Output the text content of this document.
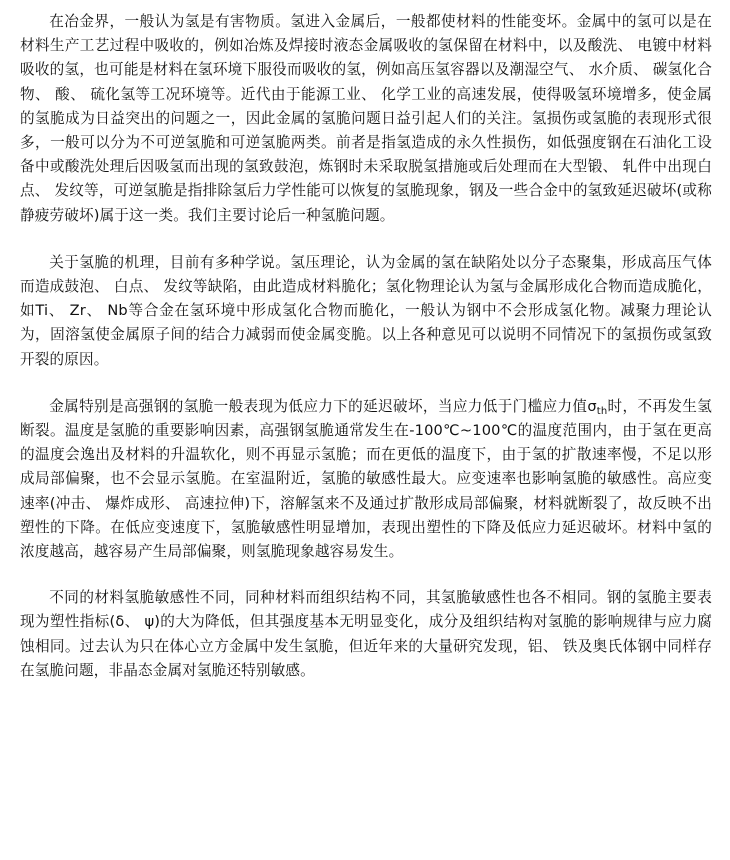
在冶金界，一般认为氢是有害物质。氢进入金属后，一般都使材料的性能变坏。金属中的氢可以是在材料生产工艺过程中吸收的，例如冶炼及焊接时液态金属吸收的氢保留在材料中，以及酸洗、 电镀中材料吸收的氢，也可能是材料在氢环境下服役而吸收的氢，例如高压氢容器以及潮湿空气、 水介质、 碳氢化合物、 酸、 硫化氢等工况环境等。近代由于能源工业、 化学工业的高速发展，使得吸氢环境增多，使金属的氢脆成为日益突出的问题之一，因此金属的氢脆问题日益引起人们的关注。氢损伤或氢脆的表现形式很多，一般可以分为不可逆氢脆和可逆氢脆两类。前者是指氢造成的永久性损伤，如低强度钢在石油化工设备中或酸洗处理后因吸氢而出现的氢致鼓泡，炼钢时未采取脱氢措施或后处理而在大型锻、 轧件中出现白点、 发纹等，可逆氢脆是指排除氢后力学性能可以恢复的氢脆现象，钢及一些合金中的氢致延迟破坏(或称静疲劳破坏)属于这一类。我们主要讨论后一种氢脆问题。

关于氢脆的机理，目前有多种学说。氢压理论，认为金属的氢在缺陷处以分子态聚集，形成高压气体而造成鼓泡、 白点、 发纹等缺陷，由此造成材料脆化；氢化物理论认为氢与金属形成化合物而造成脆化，如Ti、 Zr、 Nb等合金在氢环境中形成氢化合物而脆化，一般认为钢中不会形成氢化物。减聚力理论认为，固溶氢使金属原子间的结合力减弱而使金属变脆。以上各种意见可以说明不同情况下的氢损伤或氢致开裂的原因。

金属特别是高强钢的氢脆一般表现为低应力下的延迟破坏，当应力低于门槛应力值$\sigma_{th}$时，不再发生氢断裂。温度是氢脆的重要影响因素，高强钢氢脆通常发生在-100℃~100℃的温度范围内，由于氢在更高的温度会逸出及材料的升温软化，则不再显示氢脆；而在更低的温度下，由于氢的扩散速率慢，不足以形成局部偏聚，也不会显示氢脆。在室温附近，氢脆的敏感性最大。应变速率也影响氢脆的敏感性。高应变速率(冲击、 爆炸成形、 高速拉伸)下，溶解氢来不及通过扩散形成局部偏聚，材料就断裂了，故反映不出塑性的下降。在低应变速度下，氢脆敏感性明显增加，表现出塑性的下降及低应力延迟破坏。材料中氢的浓度越高，越容易产生局部偏聚，则氢脆现象越容易发生。

不同的材料氢脆敏感性不同，同种材料而组织结构不同，其氢脆敏感性也各不相同。钢的氢脆主要表现为塑性指标(δ、 ψ)的大为降低，但其强度基本无明显变化，成分及组织结构对氢脆的影响规律与应力腐蚀相同。过去认为只在体心立方金属中发生氢脆，但近年来的大量研究发现，铝、 铁及奥氏体钢中同样存在氢脆问题，非晶态金属对氢脆还特别敏感。
